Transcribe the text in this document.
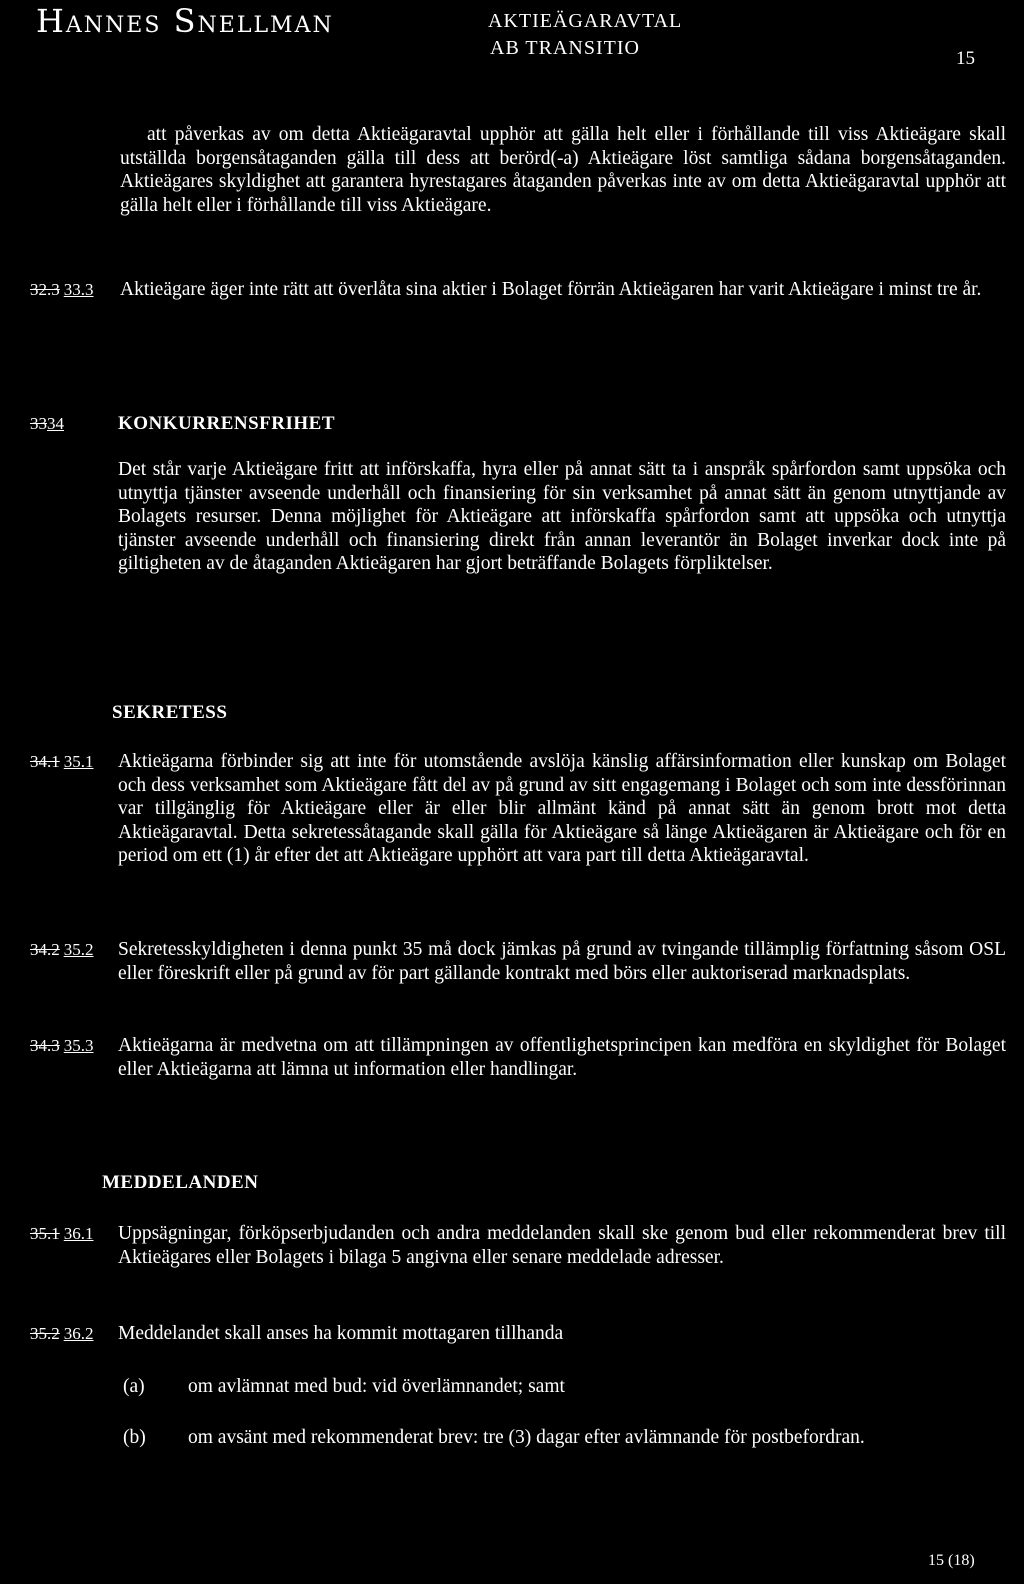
Hannes Snellman	AKTIEÄGARAVTAL
AB TRANSITIO	15
att påverkas av om detta Aktieägaravtal upphör att gälla helt eller i förhållande till viss Aktieägare skall utställda borgensåtaganden gälla till dess att berörd(-a) Aktieägare löst samtliga sådana borgensåtaganden. Aktieägares skyldighet att garantera hyrestagares åtaganden påverkas inte av om detta Aktieägaravtal upphör att gälla helt eller i förhållande till viss Aktieägare.
32.3 33.3	Aktieägare äger inte rätt att överlåta sina aktier i Bolaget förrän Aktieägaren har varit Aktieägare i minst tre år.
3334	KONKURRENSFRIHET
Det står varje Aktieägare fritt att införskaffa, hyra eller på annat sätt ta i anspråk spårfordon samt uppsöka och utnyttja tjänster avseende underhåll och finansiering för sin verksamhet på annat sätt än genom utnyttjande av Bolagets resurser. Denna möjlighet för Aktieägare att införskaffa spårfordon samt att uppsöka och utnyttja tjänster avseende underhåll och finansiering direkt från annan leverantör än Bolaget inverkar dock inte på giltigheten av de åtaganden Aktieägaren har gjort beträffande Bolagets förpliktelser.
SEKRETESS
34.1 35.1 Aktieägarna förbinder sig att inte för utomstående avslöja känslig affärsinformation eller kunskap om Bolaget och dess verksamhet som Aktieägare fått del av på grund av sitt engagemang i Bolaget och som inte dessförinnan var tillgänglig för Aktieägare eller är eller blir allmänt känd på annat sätt än genom brott mot detta Aktieägaravtal. Detta sekretessåtagande skall gälla för Aktieägare så länge Aktieägaren är Aktieägare och för en period om ett (1) år efter det att Aktieägare upphört att vara part till detta Aktieägaravtal.
34.2 35.2 Sekretesskyldigheten i denna punkt 35 må dock jämkas på grund av tvingande tillämplig författning såsom OSL eller föreskrift eller på grund av för part gällande kontrakt med börs eller auktoriserad marknadsplats.
34.3 35.3 Aktieägarna är medvetna om att tillämpningen av offentlighetsprincipen kan medföra en skyldighet för Bolaget eller Aktieägarna att lämna ut information eller handlingar.
MEDDELANDEN
35.1 36.1 Uppsägningar, förköpserbjudanden och andra meddelanden skall ske genom bud eller rekommenderat brev till Aktieägares eller Bolagets i bilaga 5 angivna eller senare meddelade adresser.
35.2 36.2 Meddelandet skall anses ha kommit mottagaren tillhanda
(a) om avlämnat med bud: vid överlämnandet; samt
(b) om avsänt med rekommenderat brev: tre (3) dagar efter avlämnande för postbefordran.
15 (18)
